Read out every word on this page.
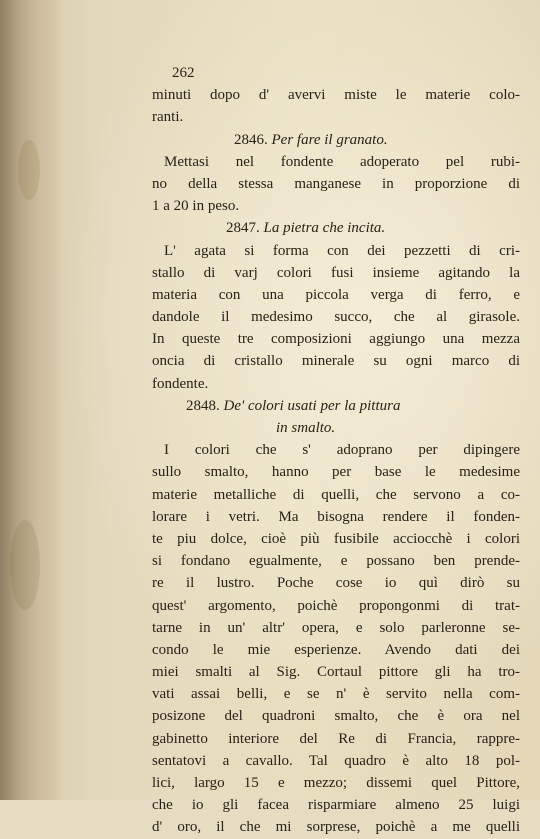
262
minuti dopo d' avervi miste le materie colo-
ranti.
2846. Per fare il granato.
Mettasi nel fondente adoperato pel rubi-
no della stessa manganese in proporzione di
1 a 20 in peso.
2847. La pietra che incita.
L' agata si forma con dei pezzetti di cri-
stallo di varj colori fusi insieme agitando la
materia con una piccola verga di ferro, e
dandole il medesimo succo, che al girasole.
In queste tre composizioni aggiungo una mezza
oncia di cristallo minerale su ogni marco di
fondente.
2848. De' colori usati per la pittura
in smalto.
I colori che s' adoprano per dipingere
sullo smalto, hanno per base le medesime
materie metalliche di quelli, che servono a co-
lorare i vetri. Ma bisogna rendere il fonden-
te piu dolce, cioè più fusibile acciocchè i colori
si fondano egualmente, e possano ben prende-
re il lustro. Poche cose io quì dirò su
quest' argomento, poichè propongonmi di trat-
tarne in un' altr' opera, e solo parleronne se-
condo le mie esperienze. Avendo dati dei
miei smalti al Sig. Cortaul pittore gli ha tro-
vati assai belli, e se n' è servito nella com-
posizone del quadroni smalto, che è ora nel
gabinetto interiore del Re di Francia, rappre-
sentatovi a cavallo. Tal quadro è alto 18 pol-
lici, largo 15 e mezzo; dissemi quel Pittore,
che io gli facea risparmiare almeno 25 luigi
d' oro, il che mi sorprese, poichè a me quelli
